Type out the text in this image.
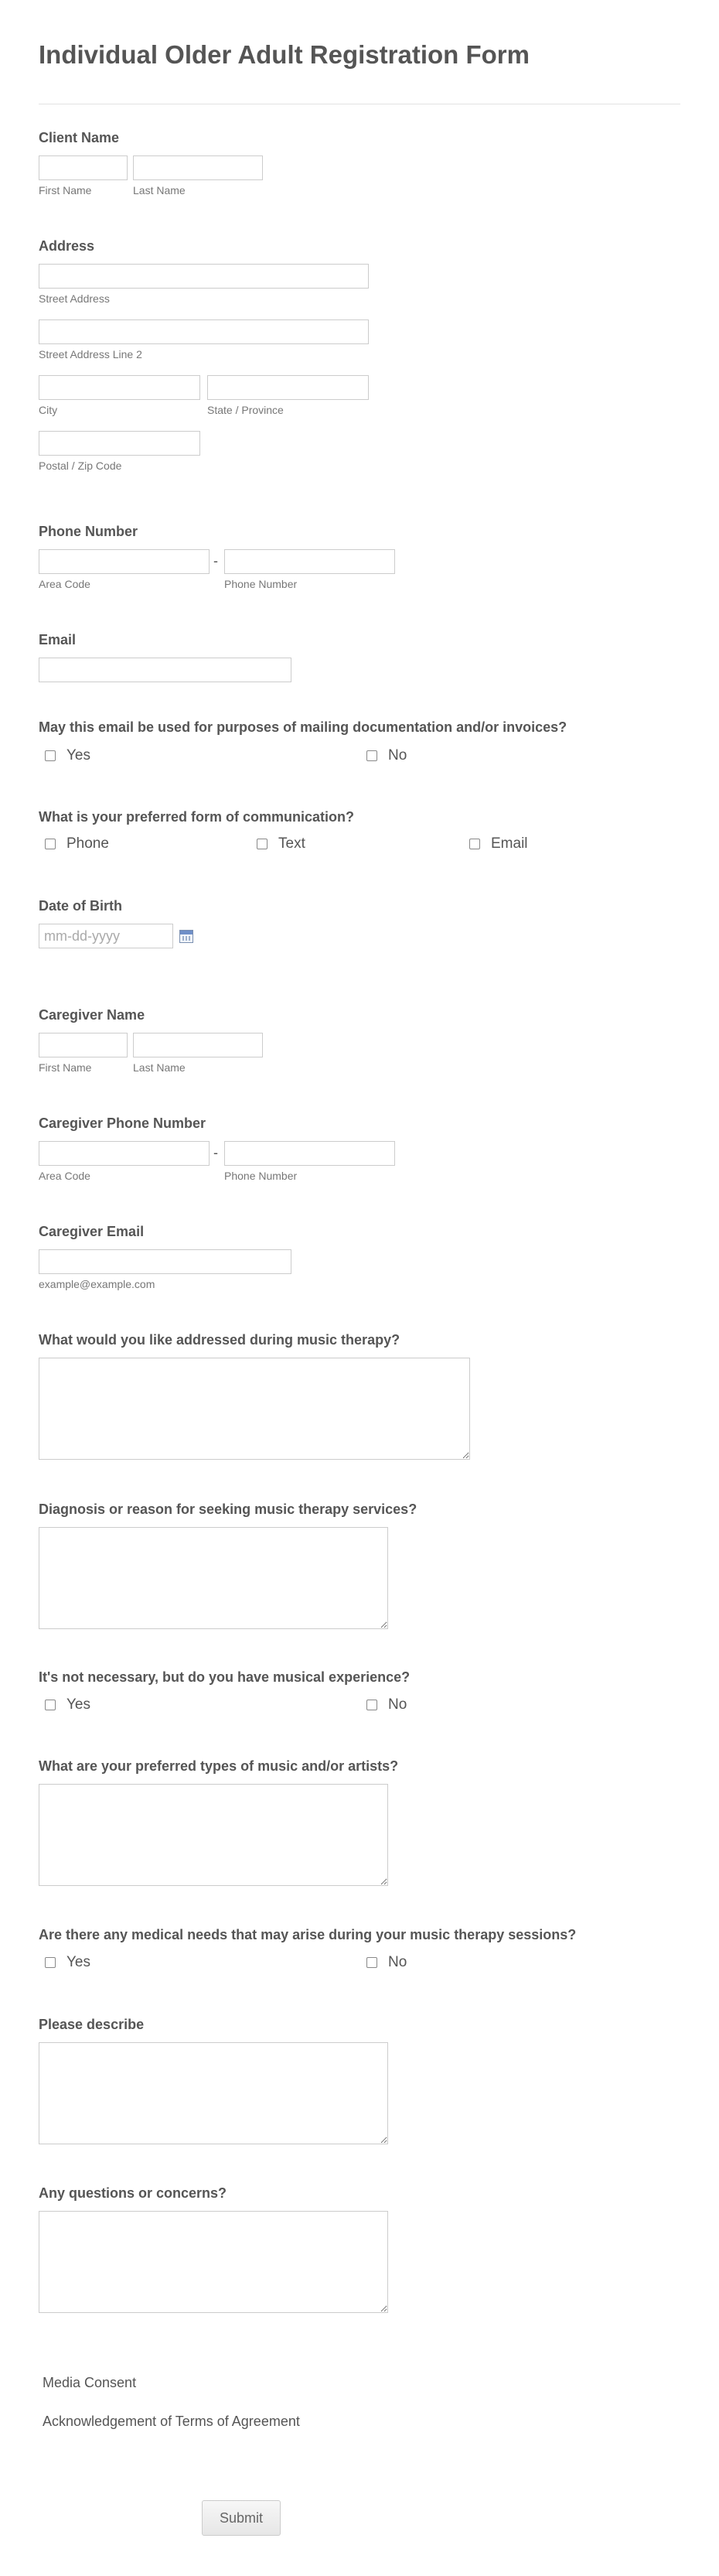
Individual Older Adult Registration Form
Client Name
First Name	Last Name
Address
Street Address
Street Address Line 2
City	State / Province
Postal / Zip Code
Phone Number
-
Area Code	Phone Number
Email
May this email be used for purposes of mailing documentation and/or invoices?
Yes	No
What is your preferred form of communication?
Phone	Text	Email
Date of Birth
mm-dd-yyyy
Caregiver Name
First Name	Last Name
Caregiver Phone Number
-
Area Code	Phone Number
Caregiver Email
example@example.com
What would you like addressed during music therapy?
Diagnosis or reason for seeking music therapy services?
It's not necessary, but do you have musical experience?
Yes	No
What are your preferred types of music and/or artists?
Are there any medical needs that may arise during your music therapy sessions?
Yes	No
Please describe
Any questions or concerns?
Media Consent
Acknowledgement of Terms of Agreement
Submit
